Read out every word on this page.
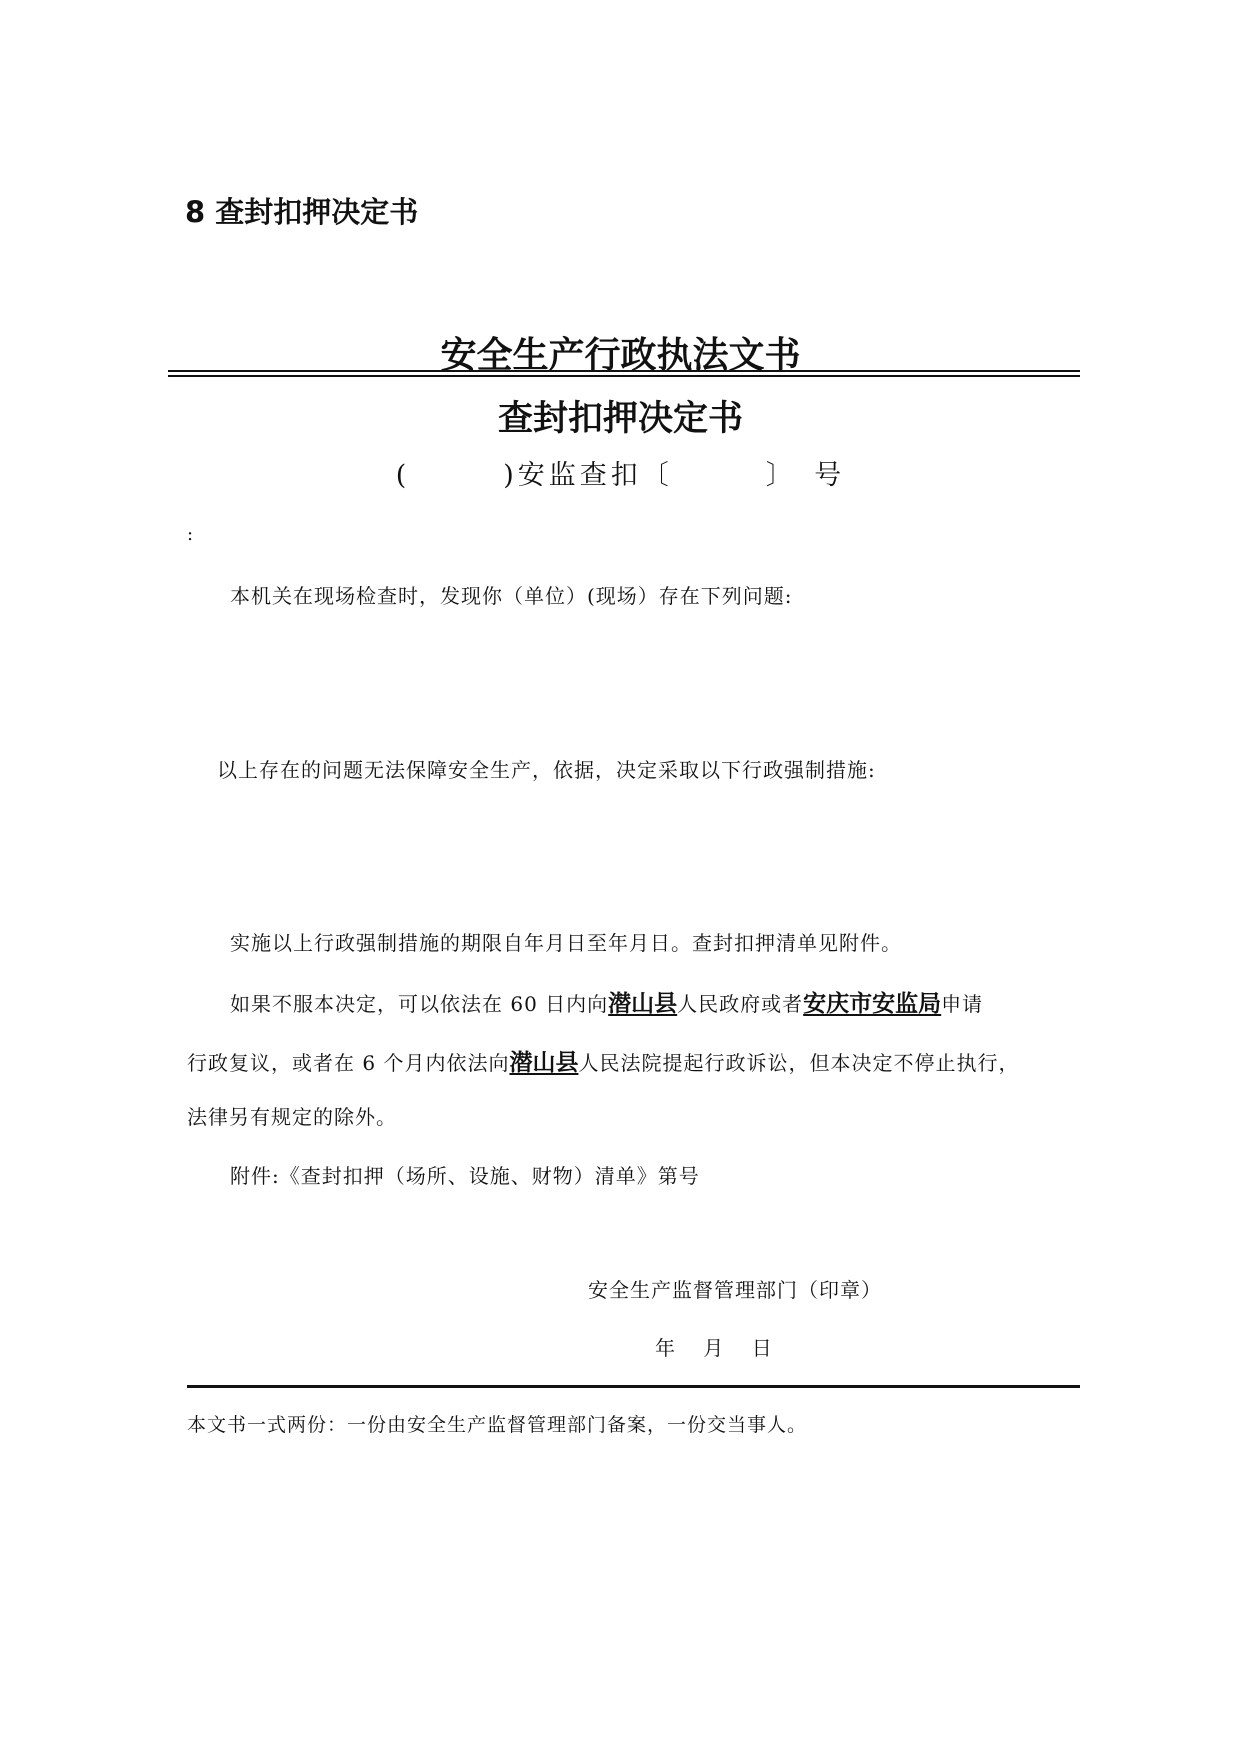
8 查封扣押决定书
安全生产行政执法文书
查封扣押决定书
(　　　)安监查扣〔　　　〕　号
:
本机关在现场检查时，发现你（单位）(现场）存在下列问题:
以上存在的问题无法保障安全生产，依据，决定采取以下行政强制措施:
实施以上行政强制措施的期限自年月日至年月日。查封扣押清单见附件。
如果不服本决定，可以依法在 60 日内向潜山县人民政府或者安庆市安监局申请
行政复议，或者在 6 个月内依法向潜山县人民法院提起行政诉讼，但本决定不停止执行，
法律另有规定的除外。
附件:《查封扣押（场所、设施、财物）清单》第号
安全生产监督管理部门（印章）
年 月 日
本文书一式两份：一份由安全生产监督管理部门备案，一份交当事人。
